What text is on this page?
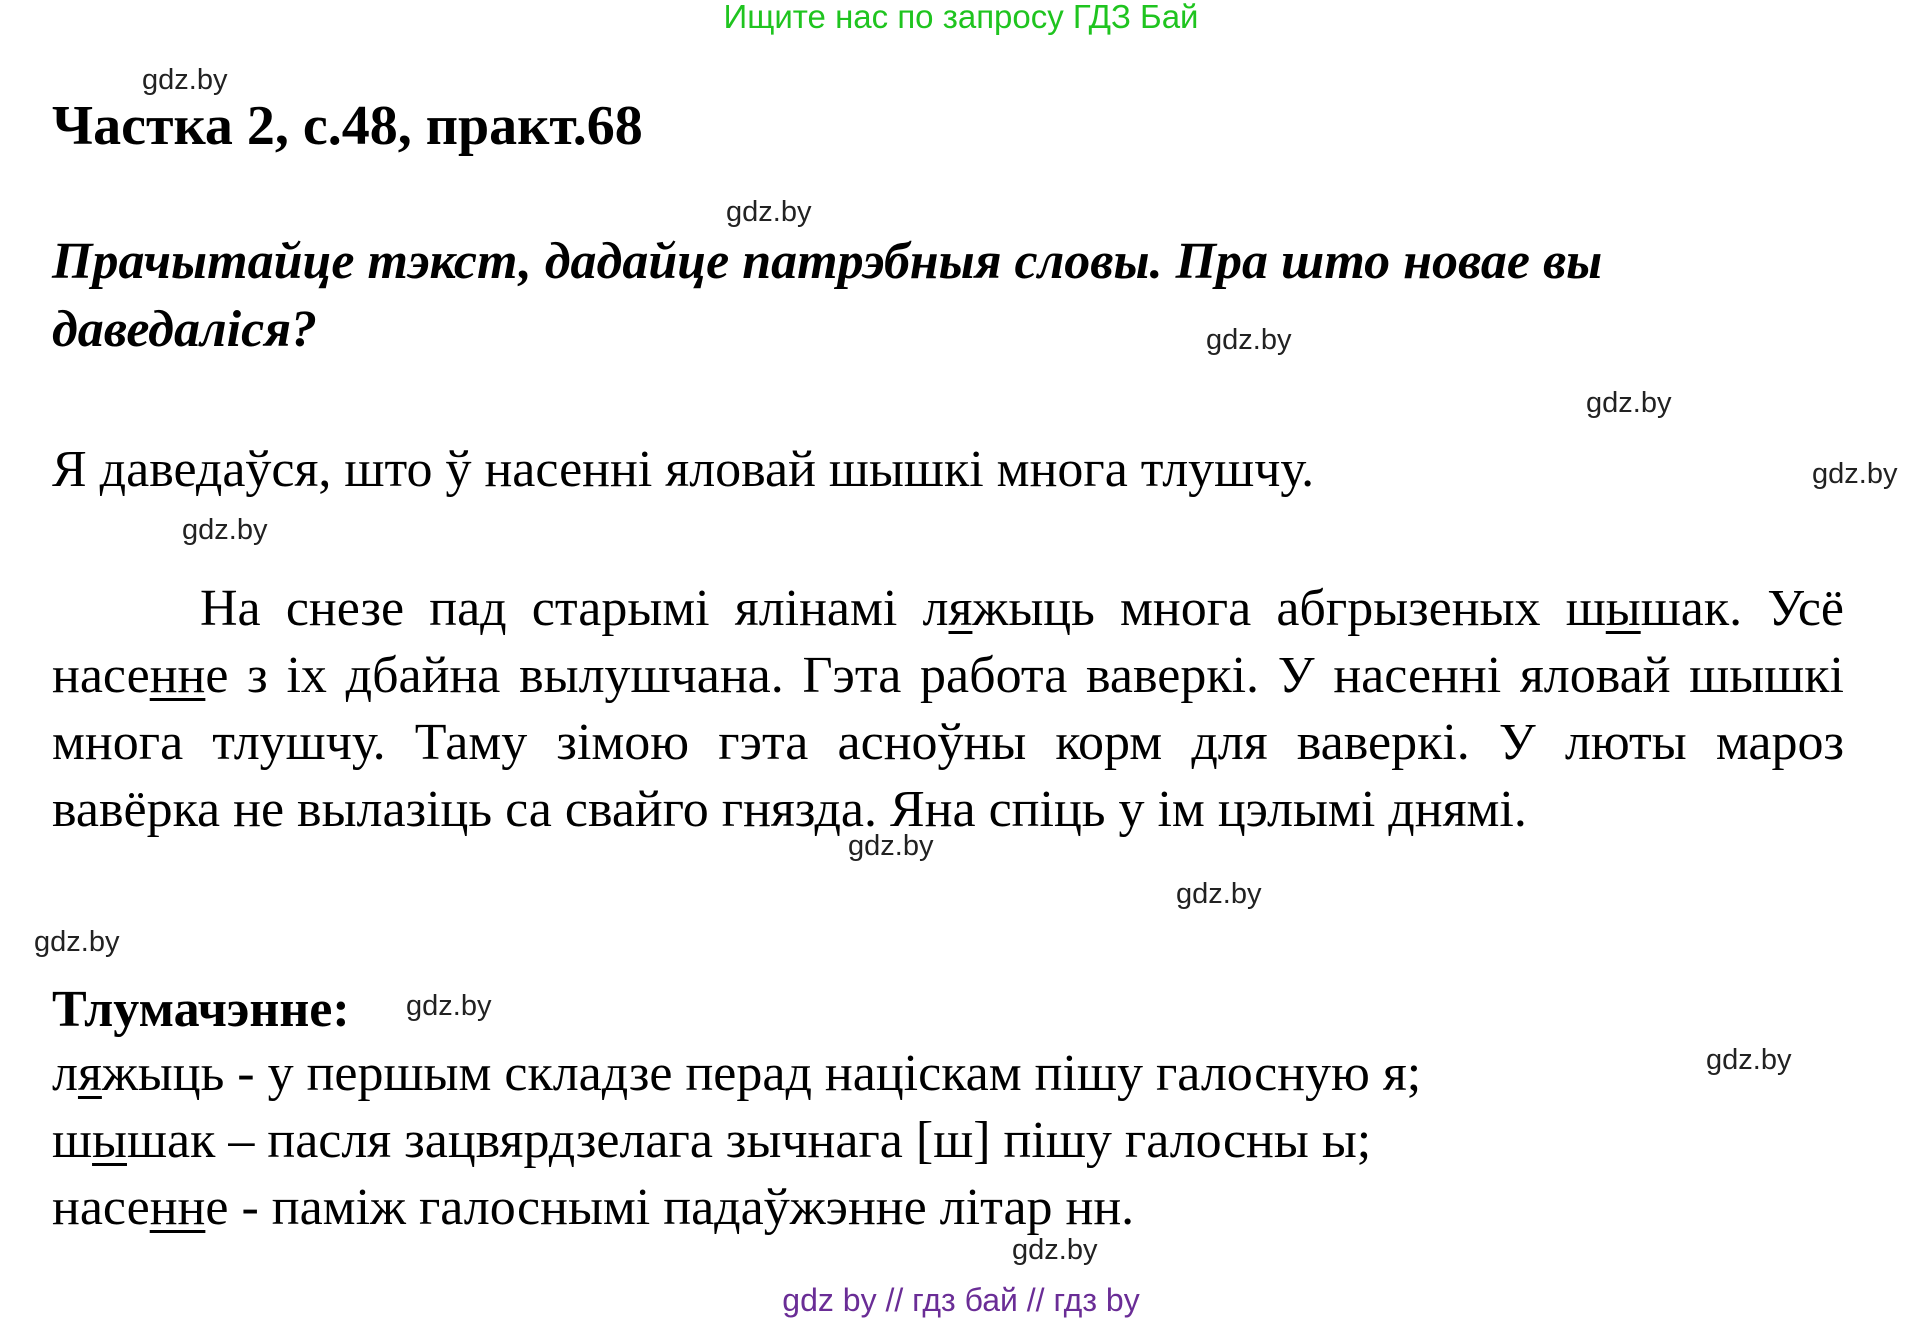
Ищите нас по запросу ГДЗ Бай
gdz.by
Частка 2, с.48, практ.68
gdz.by
Прачытайце тэкст, дадайце патрэбныя словы. Пра што новае вы даведаліся?	gdz.by
gdz.by
Я даведаўся, што ў насенні яловай шышкі многа тлушчу.	gdz.by
gdz.by
На снезе пад старымі ялінамі ляжыць многа абгрызеных шышак. Усё насенне з іх дбайна вылушчана. Гэта работа ваверкі. У насенні яловай шышкі многа тлушчу. Таму зімою гэта асноўны корм для ваверкі. У люты мароз вавёрка не вылазіць са свайго гнязда. Яна спіць у ім цэлымі днямі.
gdz.by
gdz.by
gdz.by
Тлумачэнне: gdz.by
gdz.by
ляжыць - у першым складзе перад націскам пішу галосную я;
шышак – пасля зацвярдзелага зычнага [ш] пішу галосны ы;
насенне - паміж галоснымі падаўжэнне літар нн.
gdz.by
gdz by // гдз бай // гдз by
